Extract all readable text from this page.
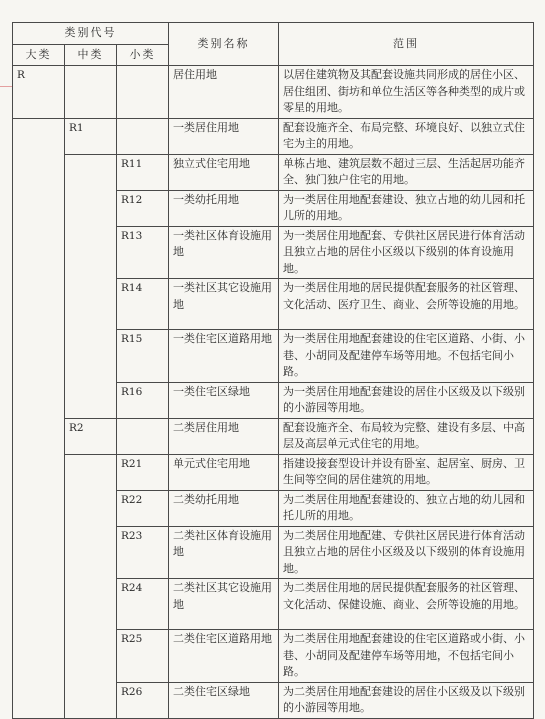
类别代号			类别名称	范围
大类	中类	小类		
R			居住用地	以居住建筑物及其配套设施共同形成的居住小区、居住组团、街坊和单位生活区等各种类型的成片或零星的用地。
	R1		一类居住用地	配套设施齐全、布局完整、环境良好、以独立式住宅为主的用地。
		R11	独立式住宅用地	单栋占地、建筑层数不超过三层、生活起居功能齐全、独门独户住宅的用地。
		R12	一类幼托用地	为一类居住用地配套建设、独立占地的幼儿园和托儿所的用地。
		R13	一类社区体育设施用地	为一类居住用地配套、专供社区居民进行体育活动且独立占地的居住小区级以下级别的体育设施用地。
		R14	一类社区其它设施用地	为一类居住用地的居民提供配套服务的社区管理、文化活动、医疗卫生、商业、会所等设施的用地。
		R15	一类住宅区道路用地	为一类居住用地配套建设的住宅区道路、小街、小巷、小胡同及配建停车场等用地。不包括宅间小路。
		R16	一类住宅区绿地	为一类居住用地配套建设的居住小区级及以下级别的小游园等用地。
	R2		二类居住用地	配套设施齐全、布局较为完整、建设有多层、中高层及高层单元式住宅的用地。
		R21	单元式住宅用地	指建设接套型设计并设有卧室、起居室、厨房、卫生间等空间的居住建筑的用地。
		R22	二类幼托用地	为二类居住用地配套建设的、独立占地的幼儿园和托儿所的用地。
		R23	二类社区体育设施用地	为二类居住用地配建、专供社区居民进行体育活动且独立占地的居住小区级及以下级别的体育设施用地。
		R24	二类社区其它设施用地	为二类居住用地的居民提供配套服务的社区管理、文化活动、保健设施、商业、会所等设施的用地。
		R25	二类住宅区道路用地	为二类居住用地配套建设的住宅区道路或小街、小巷、小胡同及配建停车场等用地，不包括宅间小路。
		R26	二类住宅区绿地	为二类居住用地配套建设的居住小区级及以下级别的小游园等用地。
